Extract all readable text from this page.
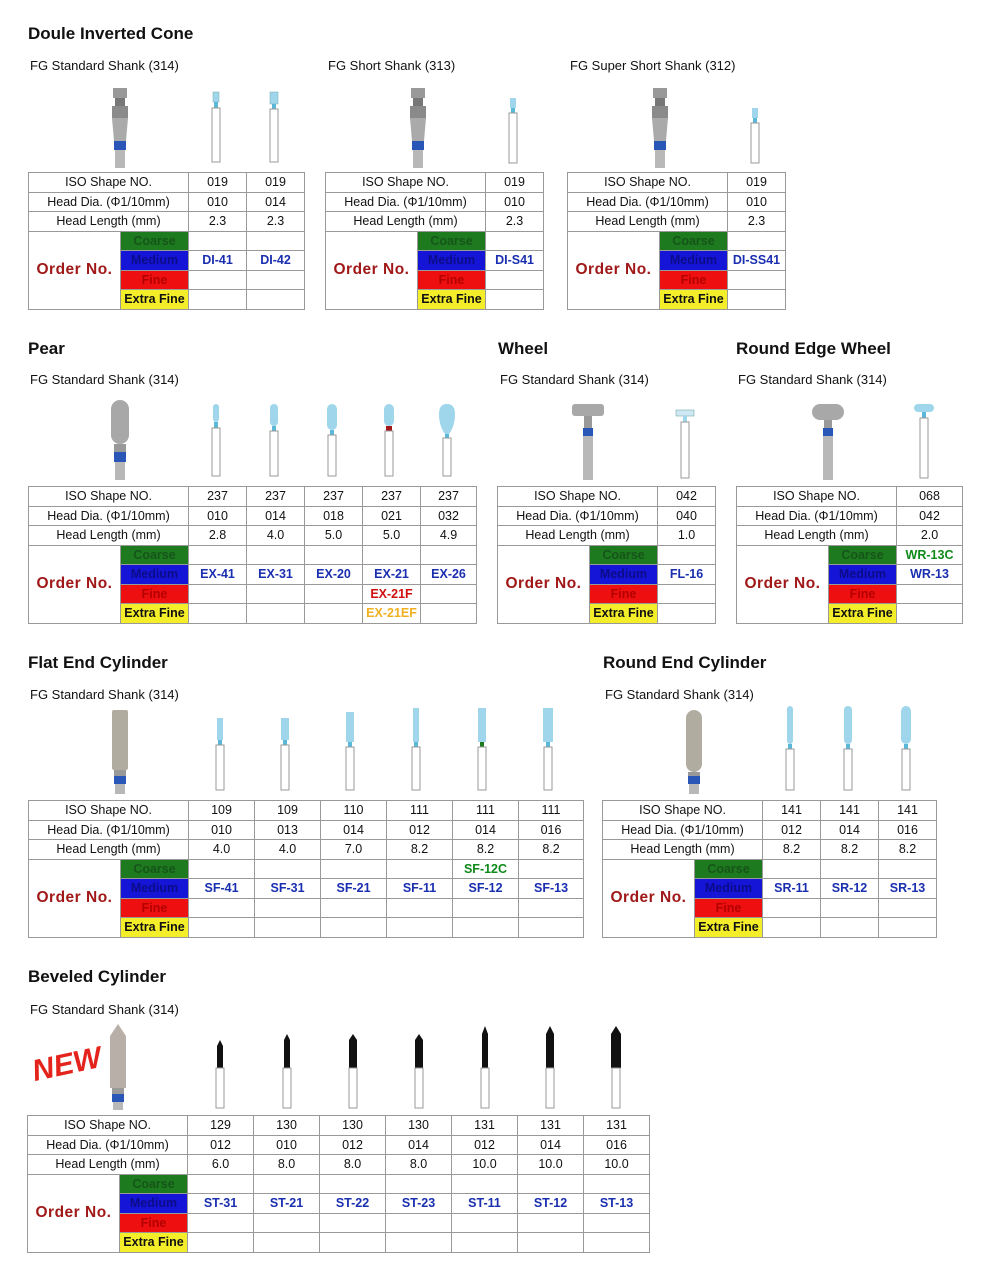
Doule Inverted Cone
FG Standard Shank (314)	FG Short Shank (313)	FG Super Short Shank (312)
ISO Shape NO.		019	019
Head Dia. (Φ1/10mm)		010	014
Head Length (mm)		2.3	2.3
Order No.	Coarse		
	Medium	DI-41	DI-42
	Fine		
	Extra Fine		
ISO Shape NO.		019
Head Dia. (Φ1/10mm)		010
Head Length (mm)		2.3
Order No.	Coarse	
	Medium	DI-S41
	Fine	
	Extra Fine	
ISO Shape NO.		019
Head Dia. (Φ1/10mm)		010
Head Length (mm)		2.3
Order No.	Coarse	
	Medium	DI-SS41
	Fine	
	Extra Fine	
Pear
FG Standard Shank (314)
ISO Shape NO.		237	237	237	237	237
Head Dia. (Φ1/10mm)		010	014	018	021	032
Head Length (mm)		2.8	4.0	5.0	5.0	4.9
Order No.	Coarse					
	Medium	EX-41	EX-31	EX-20	EX-21	EX-26
	Fine				EX-21F	
	Extra Fine				EX-21EF	
Wheel
FG Standard Shank (314)
ISO Shape NO.		042
Head Dia. (Φ1/10mm)		040
Head Length (mm)		1.0
Order No.	Coarse	
	Medium	FL-16
	Fine	
	Extra Fine	
Round Edge Wheel
FG Standard Shank (314)
ISO Shape NO.		068
Head Dia. (Φ1/10mm)		042
Head Length (mm)		2.0
Order No.	Coarse	WR-13C
	Medium	WR-13
	Fine	
	Extra Fine	
Flat End Cylinder
FG Standard Shank (314)
ISO Shape NO.		109	109	110	111	111	111
Head Dia. (Φ1/10mm)		010	013	014	012	014	016
Head Length (mm)		4.0	4.0	7.0	8.2	8.2	8.2
Order No.	Coarse					SF-12C	
	Medium	SF-41	SF-31	SF-21	SF-11	SF-12	SF-13
	Fine						
	Extra Fine						
Round End Cylinder
FG Standard Shank (314)
ISO Shape NO.		141	141	141
Head Dia. (Φ1/10mm)		012	014	016
Head Length (mm)		8.2	8.2	8.2
Order No.	Coarse			
	Medium	SR-11	SR-12	SR-13
	Fine			
	Extra Fine			
Beveled Cylinder
FG Standard Shank (314)
NEW
ISO Shape NO.		129	130	130	130	131	131	131
Head Dia. (Φ1/10mm)		012	010	012	014	012	014	016
Head Length (mm)		6.0	8.0	8.0	8.0	10.0	10.0	10.0
Order No.	Coarse							
	Medium	ST-31	ST-21	ST-22	ST-23	ST-11	ST-12	ST-13
	Fine							
	Extra Fine							
